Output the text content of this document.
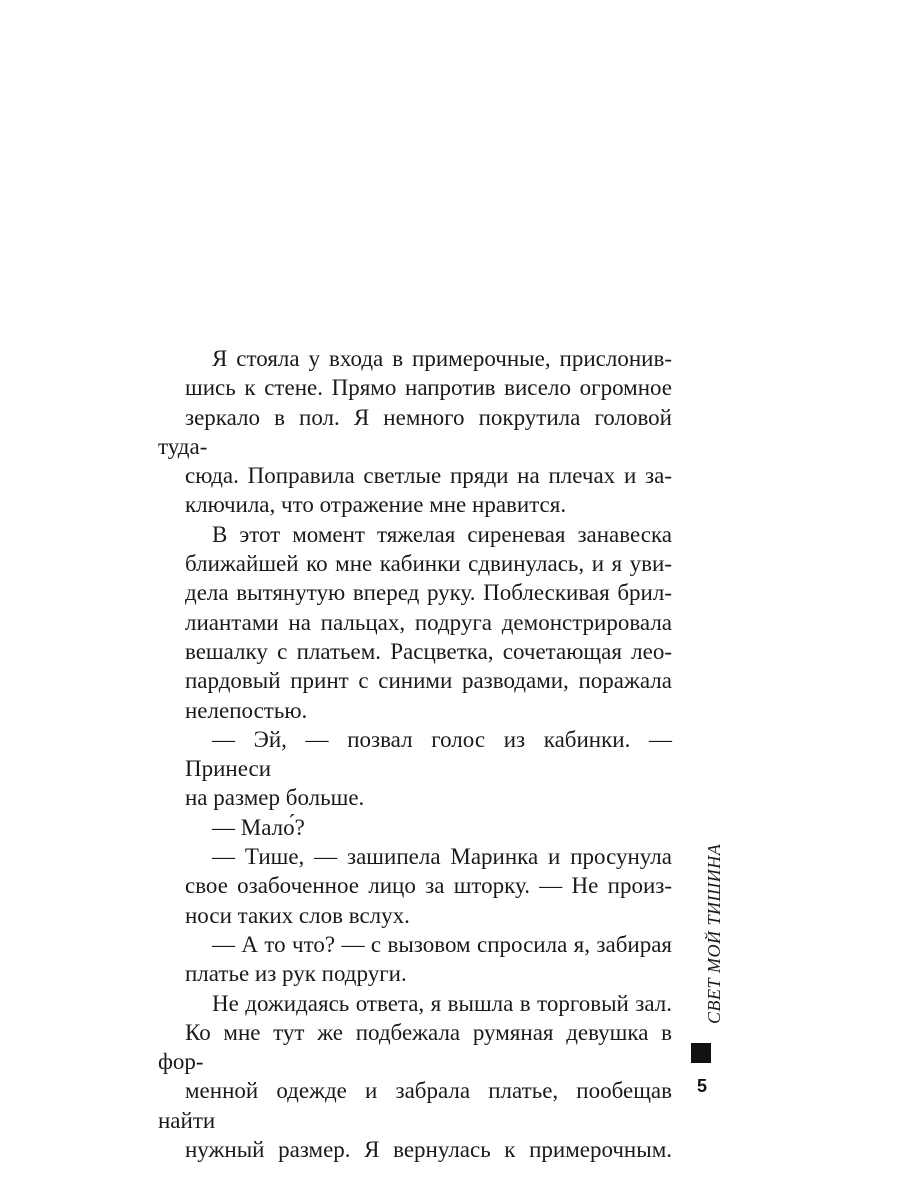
Я стояла у входа в примерочные, прислонив-
шись к стене. Прямо напротив висело огромное
зеркало в пол. Я немного покрутила головой туда-
сюда. Поправила светлые пряди на плечах и за-
ключила, что отражение мне нравится.
В этот момент тяжелая сиреневая занавеска
ближайшей ко мне кабинки сдвинулась, и я уви-
дела вытянутую вперед руку. Поблескивая брил-
лиантами на пальцах, подруга демонстрировала
вешалку с платьем. Расцветка, сочетающая лео-
пардовый принт с синими разводами, поражала
нелепостью.
— Эй, — позвал голос из кабинки. — Принеси
на размер больше.
— Мало́?
— Тише, — зашипела Маринка и просунула
свое озабоченное лицо за шторку. — Не произ-
носи таких слов вслух.
— А то что? — с вызовом спросила я, забирая
платье из рук подруги.
Не дожидаясь ответа, я вышла в торговый зал.
Ко мне тут же подбежала румяная девушка в фор-
менной одежде и забрала платье, пообещав найти
нужный размер. Я вернулась к примерочным.
СВЕТ МОЙ ТИШИНА
5
